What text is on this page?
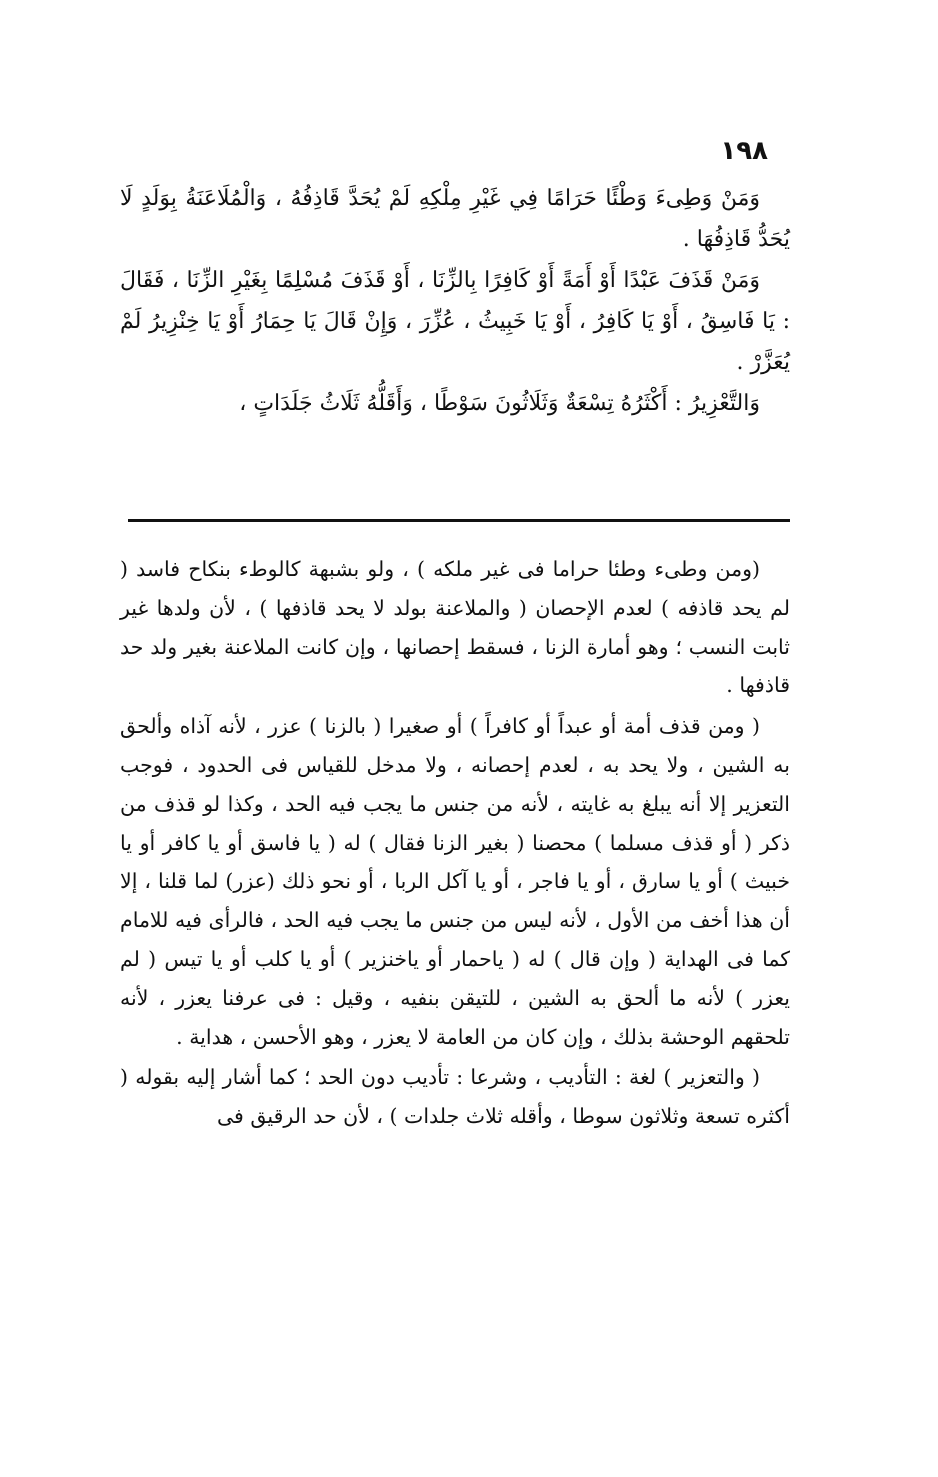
١٩٨

وَمَنْ وَطِىءَ وَطْئًا حَرَامًا فِي غَيْرِ مِلْكِهِ لَمْ يُحَدَّ قَاذِفُهُ ، وَالْمُلَاعَنَةُ بِوَلَدٍ لَا يُحَدُّ قَاذِفُهَا .

وَمَنْ قَذَفَ عَبْدًا أَوْ أَمَةً أَوْ كَافِرًا بِالزِّنَا ، أَوْ قَذَفَ مُسْلِمًا بِغَيْرِ الزِّنَا ، فَقَالَ : يَا فَاسِقُ ، أَوْ يَا كَافِرُ ، أَوْ يَا خَبِيثُ ، عُزِّرَ ، وَإِنْ قَالَ يَا حِمَارُ أَوْ يَا خِنْزِيرُ لَمْ يُعَزَّرْ .

وَالتَّعْزِيرُ : أَكْثَرُهُ تِسْعَةٌ وَثَلَاثُونَ سَوْطًا ، وَأَقَلُّهُ ثَلَاثُ جَلَدَاتٍ ،

(ومن وطىء وطئا حراما فى غير ملكه ) ، ولو بشبهة كالوطء بنكاح فاسد ( لم يحد قاذفه ) لعدم الإحصان ( والملاعنة بولد لا يحد قاذفها ) ، لأن ولدها غير ثابت النسب ؛ وهو أمارة الزنا ، فسقط إحصانها ، وإن كانت الملاعنة بغير ولد حد قاذفها .

( ومن قذف أمة أو عبداً أو كافراً ) أو صغيرا ( بالزنا ) عزر ، لأنه آذاه وألحق به الشين ، ولا يحد به ، لعدم إحصانه ، ولا مدخل للقياس فى الحدود ، فوجب التعزير إلا أنه يبلغ به غايته ، لأنه من جنس ما يجب فيه الحد ، وكذا لو قذف من ذكر ( أو قذف مسلما ) محصنا ( بغير الزنا فقال ) له ( يا فاسق أو يا كافر أو يا خبيث ) أو يا سارق ، أو يا فاجر ، أو يا آكل الربا ، أو نحو ذلك (عزر) لما قلنا ، إلا أن هذا أخف من الأول ، لأنه ليس من جنس ما يجب فيه الحد ، فالرأى فيه للامام كما فى الهداية ( وإن قال ) له ( ياحمار أو ياخنزير ) أو يا كلب أو يا تيس ( لم يعزر ) لأنه ما ألحق به الشين ، للتيقن بنفيه ، وقيل : فى عرفنا يعزر ، لأنه تلحقهم الوحشة بذلك ، وإن كان من العامة لا يعزر ، وهو الأحسن ، هداية .

( والتعزير ) لغة : التأديب ، وشرعا : تأديب دون الحد ؛ كما أشار إليه بقوله ( أكثره تسعة وثلاثون سوطا ، وأقله ثلاث جلدات ) ، لأن حد الرقيق فى
